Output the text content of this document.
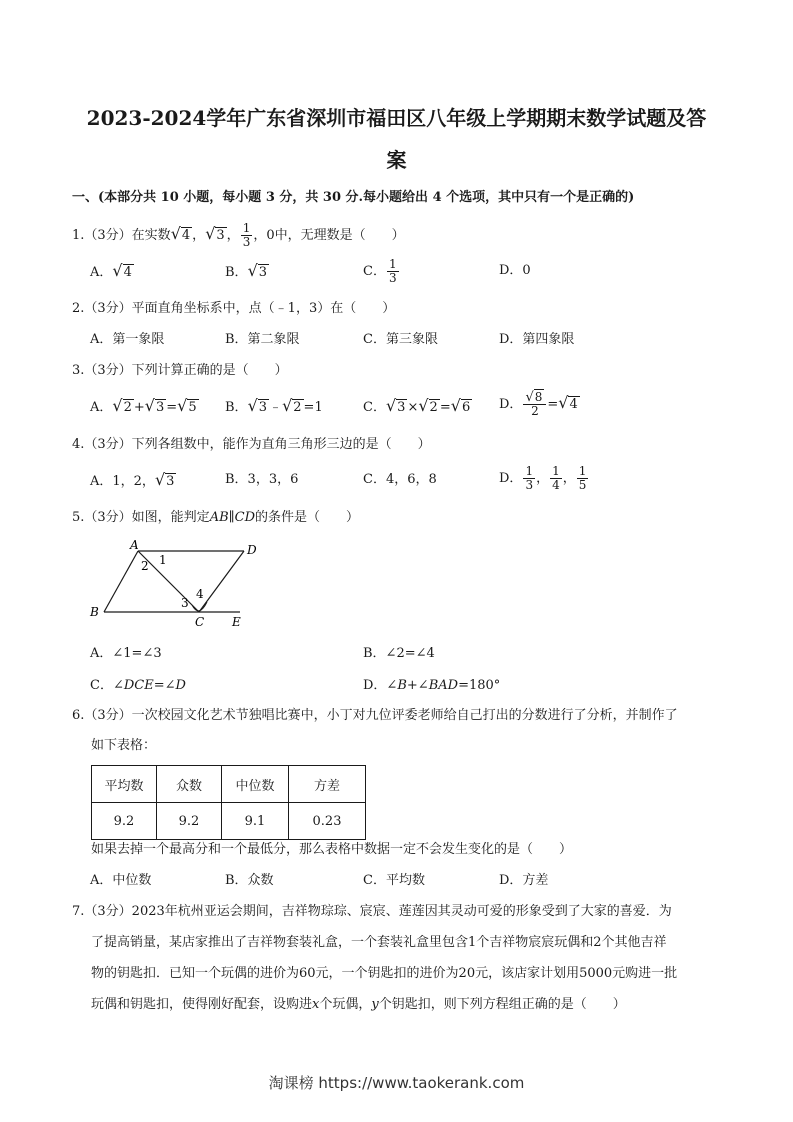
2023-2024学年广东省深圳市福田区八年级上学期期末数学试题及答
案
一、(本部分共 10 小题，每小题 3 分，共 30 分.每小题给出 4 个选项，其中只有一个是正确的)
1.（3分）在实数√4 ，√3 ， $\frac{1}{3}$ ，0中，无理数是（　　）
A．√4	B．√3	C． $\frac{1}{3}$	D．0
2.（3分）平面直角坐标系中，点（﹣1，3）在（　　）
A．第一象限	B．第二象限	C．第三象限	D．第四象限
3.（3分）下列计算正确的是（　　）
A．√2 +√3 =√5 B．√3 ﹣√2 =1	C．√3 ×√2 =√6 D． $\frac{√8}{2} =√4$
4.（3分）下列各组数中，能作为直角三角形三边的是（　　）
A．1，2，√3	B．3，3，6	C．4，6，8	D． $\frac{1}{3}$ ， $\frac{1}{4}$ ， $\frac{1}{5}$
5.（3分）如图，能判定AB∥CD的条件是（　　）
A	D
B
C E
1
2
3
4
A．∠1=∠3	B．∠2=∠4
C．∠DCE=∠D	D．∠B+∠BAD=180°
6.（3分）一次校园文化艺术节独唱比赛中，小丁对九位评委老师给自己打出的分数进行了分析，并制作了
如下表格：
平均数	众数	中位数	方差
9.2	9.2	9.1	0.23
如果去掉一个最高分和一个最低分，那么表格中数据一定不会发生变化的是（　　）
A．中位数	B．众数	C．平均数	D．方差
7.（3分）2023年杭州亚运会期间，吉祥物琮琮、宸宸、莲莲因其灵动可爱的形象受到了大家的喜爱．为
了提高销量，某店家推出了吉祥物套装礼盒，一个套装礼盒里包含1个吉祥物宸宸玩偶和2个其他吉祥
物的钥匙扣．已知一个玩偶的进价为60元，一个钥匙扣的进价为20元，该店家计划用5000元购进一批
玩偶和钥匙扣，使得刚好配套，设购进x个玩偶，y个钥匙扣，则下列方程组正确的是（　　）
淘课榜 https://www.taokerank.com
